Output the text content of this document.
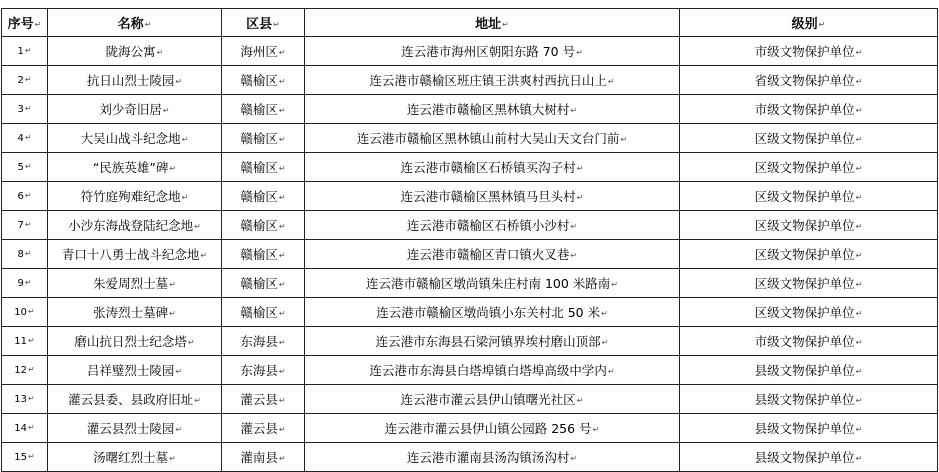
序号↵	名称↵	区县↵	地址↵	级别↵
1↵	陇海公寓↵	海州区↵	连云港市海州区朝阳东路 70 号↵	市级文物保护单位↵
2↵	抗日山烈士陵园↵	赣榆区↵	连云港市赣榆区班庄镇王洪爽村西抗日山上↵	省级文物保护单位↵
3↵	刘少奇旧居↵	赣榆区↵	连云港市赣榆区黑林镇大树村↵	市级文物保护单位↵
4↵	大吴山战斗纪念地↵	赣榆区↵	连云港市赣榆区黑林镇山前村大吴山天文台门前↵	区级文物保护单位↵
5↵	“民族英雄”碑↵	赣榆区↵	连云港市赣榆区石桥镇买沟子村↵	区级文物保护单位↵
6↵	符竹庭殉难纪念地↵	赣榆区↵	连云港市赣榆区黑林镇马旦头村↵	区级文物保护单位↵
7↵	小沙东海战登陆纪念地↵	赣榆区↵	连云港市赣榆区石桥镇小沙村↵	区级文物保护单位↵
8↵	青口十八勇士战斗纪念地↵	赣榆区↵	连云港市赣榆区青口镇火叉巷↵	区级文物保护单位↵
9↵	朱爱周烈士墓↵	赣榆区↵	连云港市赣榆区墩尚镇朱庄村南 100 米路南↵	区级文物保护单位↵
10↵	张涛烈士墓碑↵	赣榆区↵	连云港市赣榆区墩尚镇小东关村北 50 米↵	区级文物保护单位↵
11↵	磨山抗日烈士纪念塔↵	东海县↵	连云港市东海县石梁河镇界埃村磨山顶部↵	市级文物保护单位↵
12↵	吕祥璧烈士陵园↵	东海县↵	连云港市东海县白塔埠镇白塔埠高级中学内↵	县级文物保护单位↵
13↵	灌云县委、县政府旧址↵	灌云县↵	连云港市灌云县伊山镇曙光社区↵	县级文物保护单位↵
14↵	灌云县烈士陵园↵	灌云县↵	连云港市灌云县伊山镇公园路 256 号↵	县级文物保护单位↵
15↵	汤曙红烈士墓↵	灌南县↵	连云港市灌南县汤沟镇汤沟村↵	县级文物保护单位↵
